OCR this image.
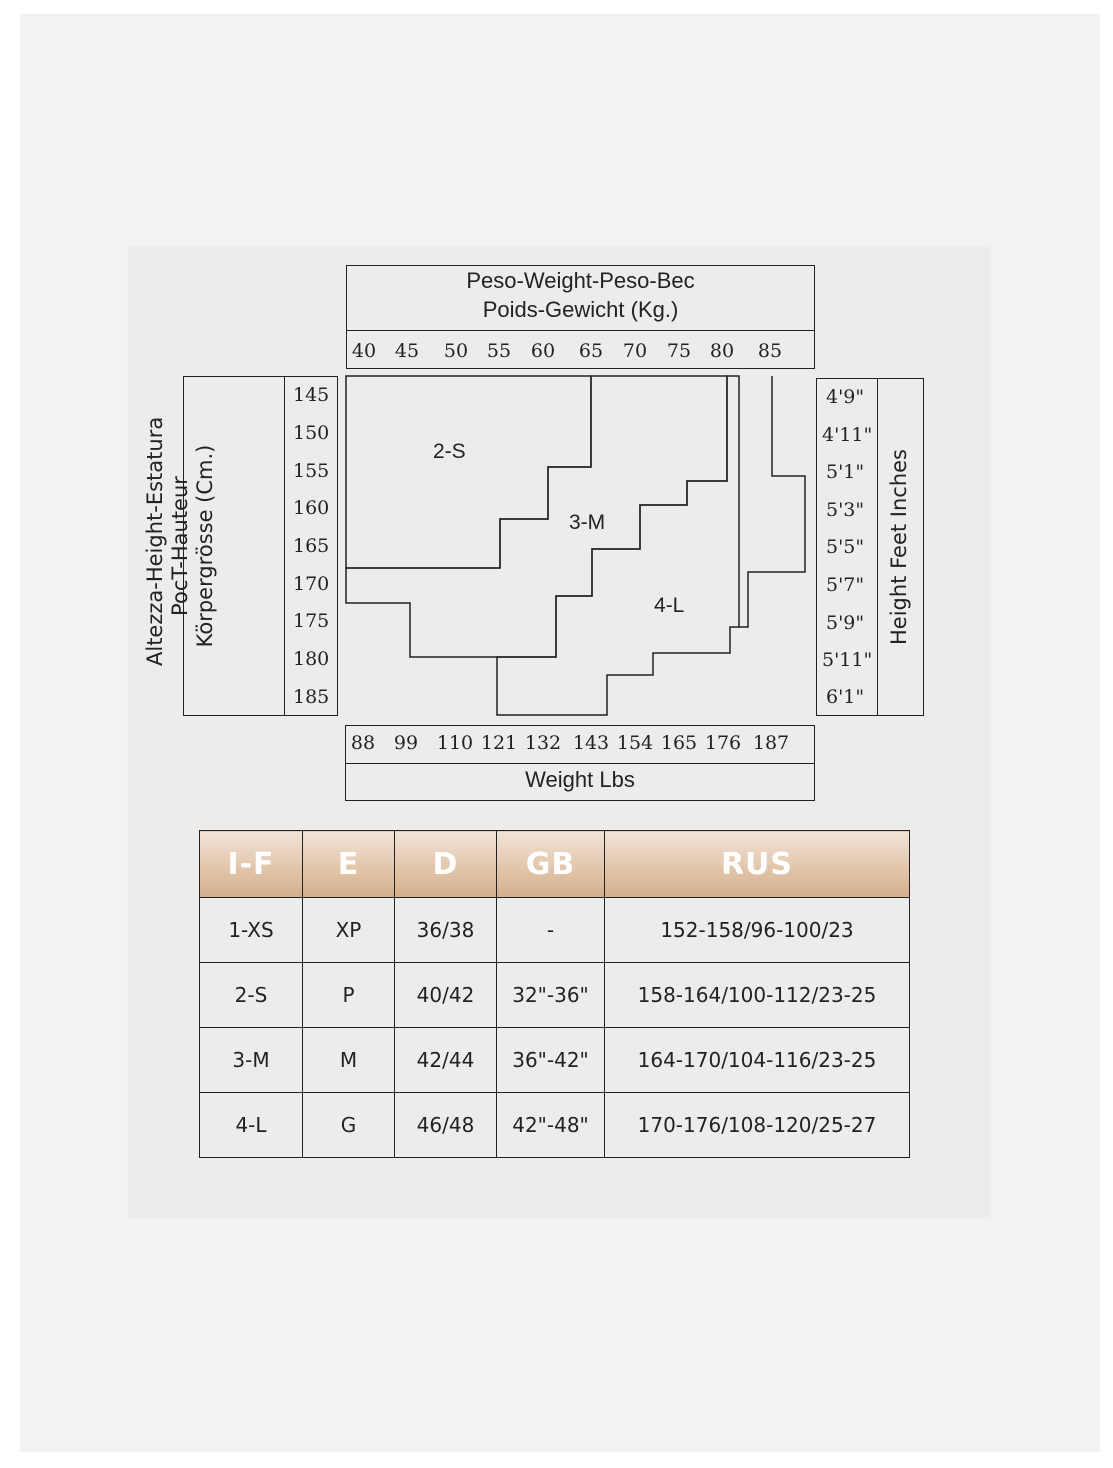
Peso-Weight-Peso-Bec
Poids-Gewicht (Kg.)
40 45 50 55 60 65 70 75 80 85
Altezza-Height-Estatura PocT-Hauteur Körpergrösse (Cm.)
145
150
155
160
165
170
175
180
185
Height Feet Inches
4'9"
4'11"
5'1"
5'3"
5'5"
5'7"
5'9"
5'11"
6'1"
88 99 110 121 132 143 154 165 176 187
Weight Lbs
2-S
3-M
4-L
I-F	E	D	GB	RUS
1-XS	XP	36/38	-	152-158/96-100/23
2-S	P	40/42	32"-36"	158-164/100-112/23-25
3-M	M	42/44	36"-42"	164-170/104-116/23-25
4-L	G	46/48	42"-48"	170-176/108-120/25-27
